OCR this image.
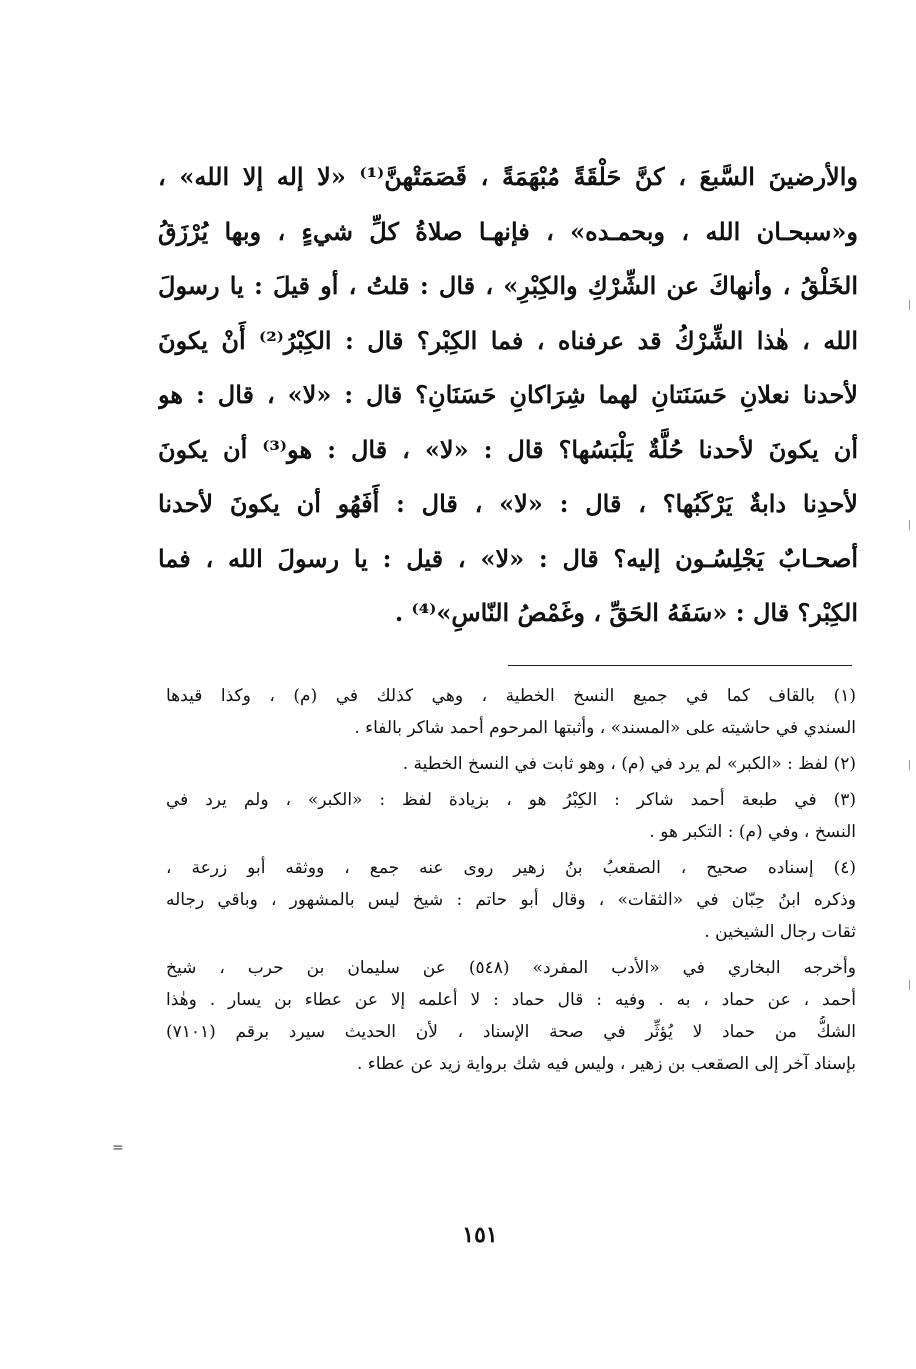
والأرضينَ السَّبعَ ، كنَّ حَلْقَةً مُبْهَمَةً ، قَصَمَتْهنَّ⁽¹⁾ «لا إله إلا الله» ،
و«سبحـان الله ، وبحمـده» ، فإنهـا صلاةُ كلِّ شيءٍ ، وبها يُرْزَقُ
الخَلْقُ ، وأنهاكَ عن الشِّرْكِ والكِبْرِ» ، قال : قلتُ ، أو قيلَ : يا رسولَ
الله ، هٰذا الشِّرْكُ قد عرفناه ، فما الكِبْر؟ قال : الكِبْرُ⁽²⁾ أَنْ يكونَ
لأحدنا نعلانِ حَسَنَتانِ لهما شِرَاكانِ حَسَنَانِ؟ قال : «لا» ، قال : هو
أن يكونَ لأحدنا حُلَّةٌ يَلْبَسُها؟ قال : «لا» ، قال : هو⁽³⁾ أن يكونَ
لأحدِنا دابةٌ يَرْكَبُها؟ ، قال : «لا» ، قال : أَفَهُو أن يكونَ لأحدنا
أصحـابٌ يَجْلِسُـون إليه؟ قال : «لا» ، قيل : يا رسولَ الله ، فما
الكِبْر؟ قال : «سَفَهُ الحَقِّ ، وغَمْصُ النّاسِ»⁽⁴⁾ .
(١) بالقاف كما في جميع النسخ الخطية ، وهي كذلك في (م) ، وكذا قيدها
السندي في حاشيته على «المسند» ، وأثبتها المرحوم أحمد شاكر بالفاء .
(٢) لفظ : «الكبر» لم يرد في (م) ، وهو ثابت في النسخ الخطية .
(٣) في طبعة أحمد شاكر : الكِبْرُ هو ، بزيادة لفظ : «الكبر» ، ولم يرد في
النسخ ، وفي (م) : التكبر هو .
(٤) إسناده صحيح ، الصقعبُ بنُ زهير روى عنه جمع ، ووثقه أبو زرعة ،
وذكره ابنُ حِبّان في «الثقات» ، وقال أبو حاتم : شيخ ليس بالمشهور ، وباقي رجاله
ثقات رجال الشيخين .
وأخرجه البخاري في «الأدب المفرد» (٥٤٨) عن سليمان بن حرب ، شيخ
أحمد ، عن حماد ، به . وفيه : قال حماد : لا أعلمه إلا عن عطاء بن يسار . وهٰذا
الشكُّ من حماد لا يُؤثِّر في صحة الإسناد ، لأن الحديث سيرد برقم (٧١٠١)
بإسناد آخر إلى الصقعب بن زهير ، وليس فيه شك برواية زيد عن عطاء .
=
١٥١
